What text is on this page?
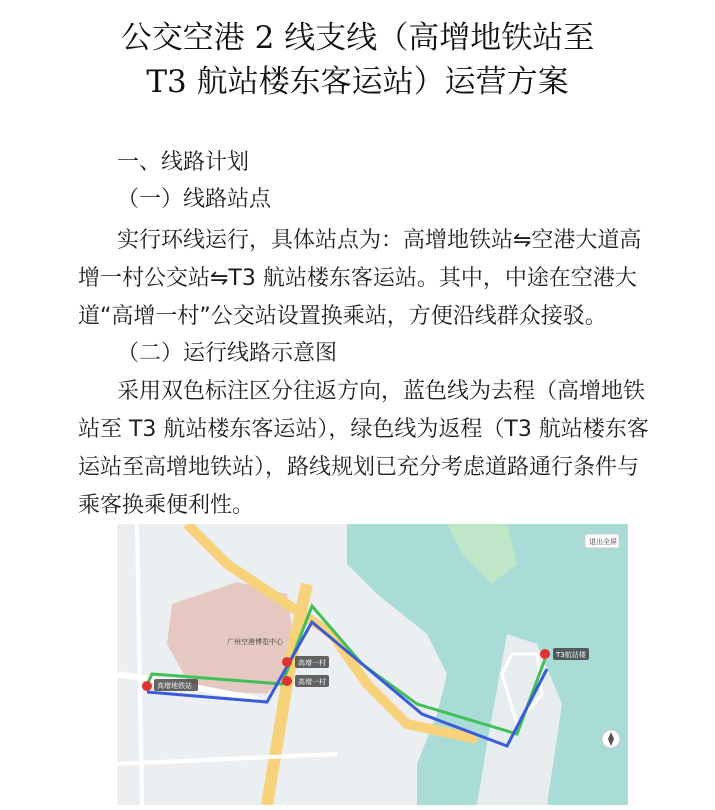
公交空港 2 线支线（高增地铁站至
T3 航站楼东客运站）运营方案
一、线路计划
（一）线路站点
实行环线运行，具体站点为：高增地铁站⇋空港大道高
增一村公交站⇋T3 航站楼东客运站。其中，中途在空港大
道“高增一村”公交站设置换乘站，方便沿线群众接驳。
（二）运行线路示意图
采用双色标注区分往返方向，蓝色线为去程（高增地铁
站至 T3 航站楼东客运站），绿色线为返程（T3 航站楼东客
运站至高增地铁站），路线规划已充分考虑道路通行条件与
乘客换乘便利性。
高增地铁站
高增一村
高增一村
T3航站楼
广州空港博览中心
退出全屏
